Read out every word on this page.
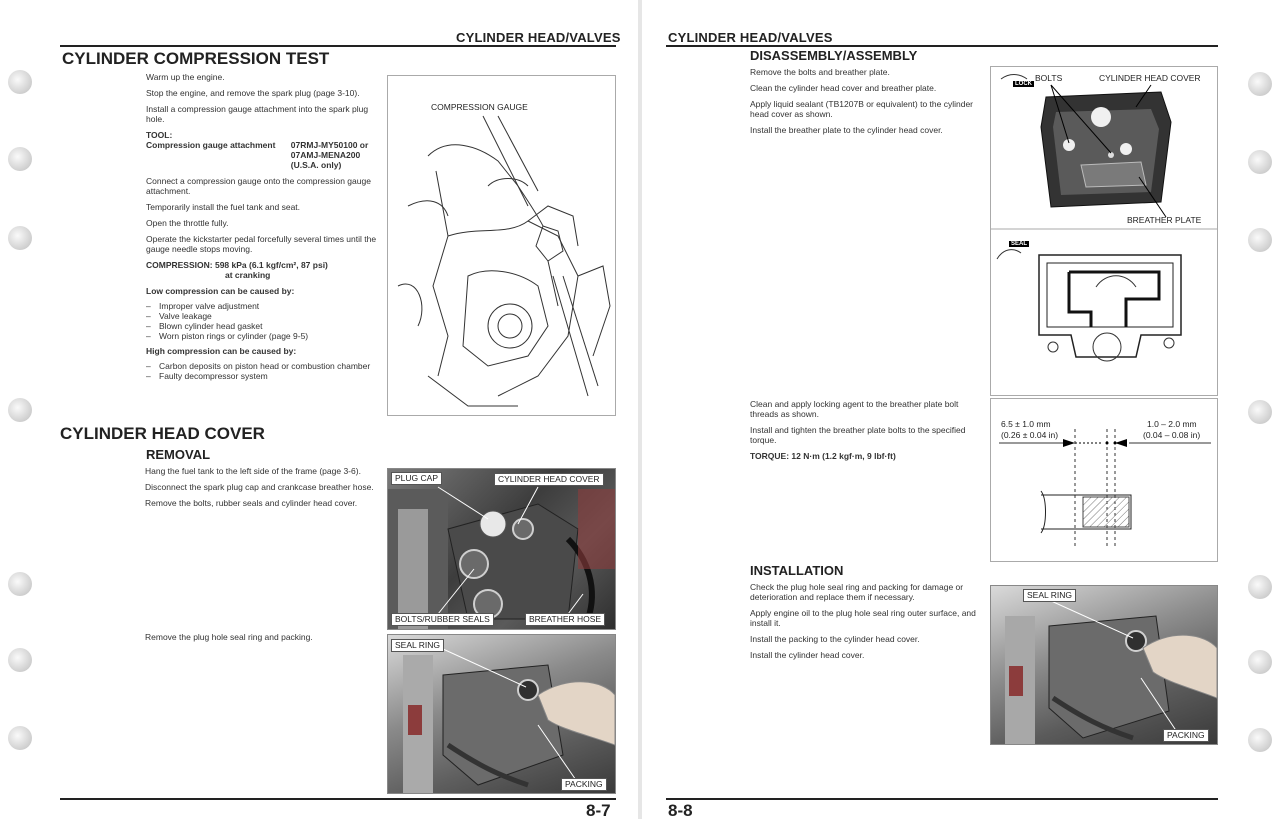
CYLINDER HEAD/VALVES
CYLINDER COMPRESSION TEST
Warm up the engine.
Stop the engine, and remove the spark plug (page 3-10).
Install a compression gauge attachment into the spark plug hole.
TOOL:
Compression gauge attachment	07RMJ-MY50100 or 07AMJ-MENA200 (U.S.A. only)
Connect a compression gauge onto the compression gauge attachment.
Temporarily install the fuel tank and seat.
Open the throttle fully.
Operate the kickstarter pedal forcefully several times until the gauge needle stops moving.
COMPRESSION: 598 kPa (6.1 kgf/cm², 87 psi)
at cranking
Low compression can be caused by:
– Improper valve adjustment
– Valve leakage
– Blown cylinder head gasket
– Worn piston rings or cylinder (page 9-5)
High compression can be caused by:
– Carbon deposits on piston head or combustion chamber
– Faulty decompressor system
COMPRESSION GAUGE
CYLINDER HEAD COVER
REMOVAL
Hang the fuel tank to the left side of the frame (page 3-6).
Disconnect the spark plug cap and crankcase breather hose.
Remove the bolts, rubber seals and cylinder head cover.
Remove the plug hole seal ring and packing.
PLUG CAP	CYLINDER HEAD COVER
BOLTS/RUBBER SEALS	BREATHER HOSE
SEAL RING
PACKING
8-7
CYLINDER HEAD/VALVES
DISASSEMBLY/ASSEMBLY
Remove the bolts and breather plate.
Clean the cylinder head cover and breather plate.
Apply liquid sealant (TB1207B or equivalent) to the cylinder head cover as shown.
Install the breather plate to the cylinder head cover.
LOCK
SEAL
BOLTS	CYLINDER HEAD COVER
BREATHER PLATE
Clean and apply locking agent to the breather plate bolt threads as shown.
Install and tighten the breather plate bolts to the specified torque.
TORQUE: 12 N·m (1.2 kgf·m, 9 lbf·ft)
6.5 ± 1.0 mm
(0.26 ± 0.04 in)
1.0 – 2.0 mm
(0.04 – 0.08 in)
INSTALLATION
Check the plug hole seal ring and packing for damage or deterioration and replace them if necessary.
Apply engine oil to the plug hole seal ring outer surface, and install it.
Install the packing to the cylinder head cover.
Install the cylinder head cover.
SEAL RING
PACKING
8-8
